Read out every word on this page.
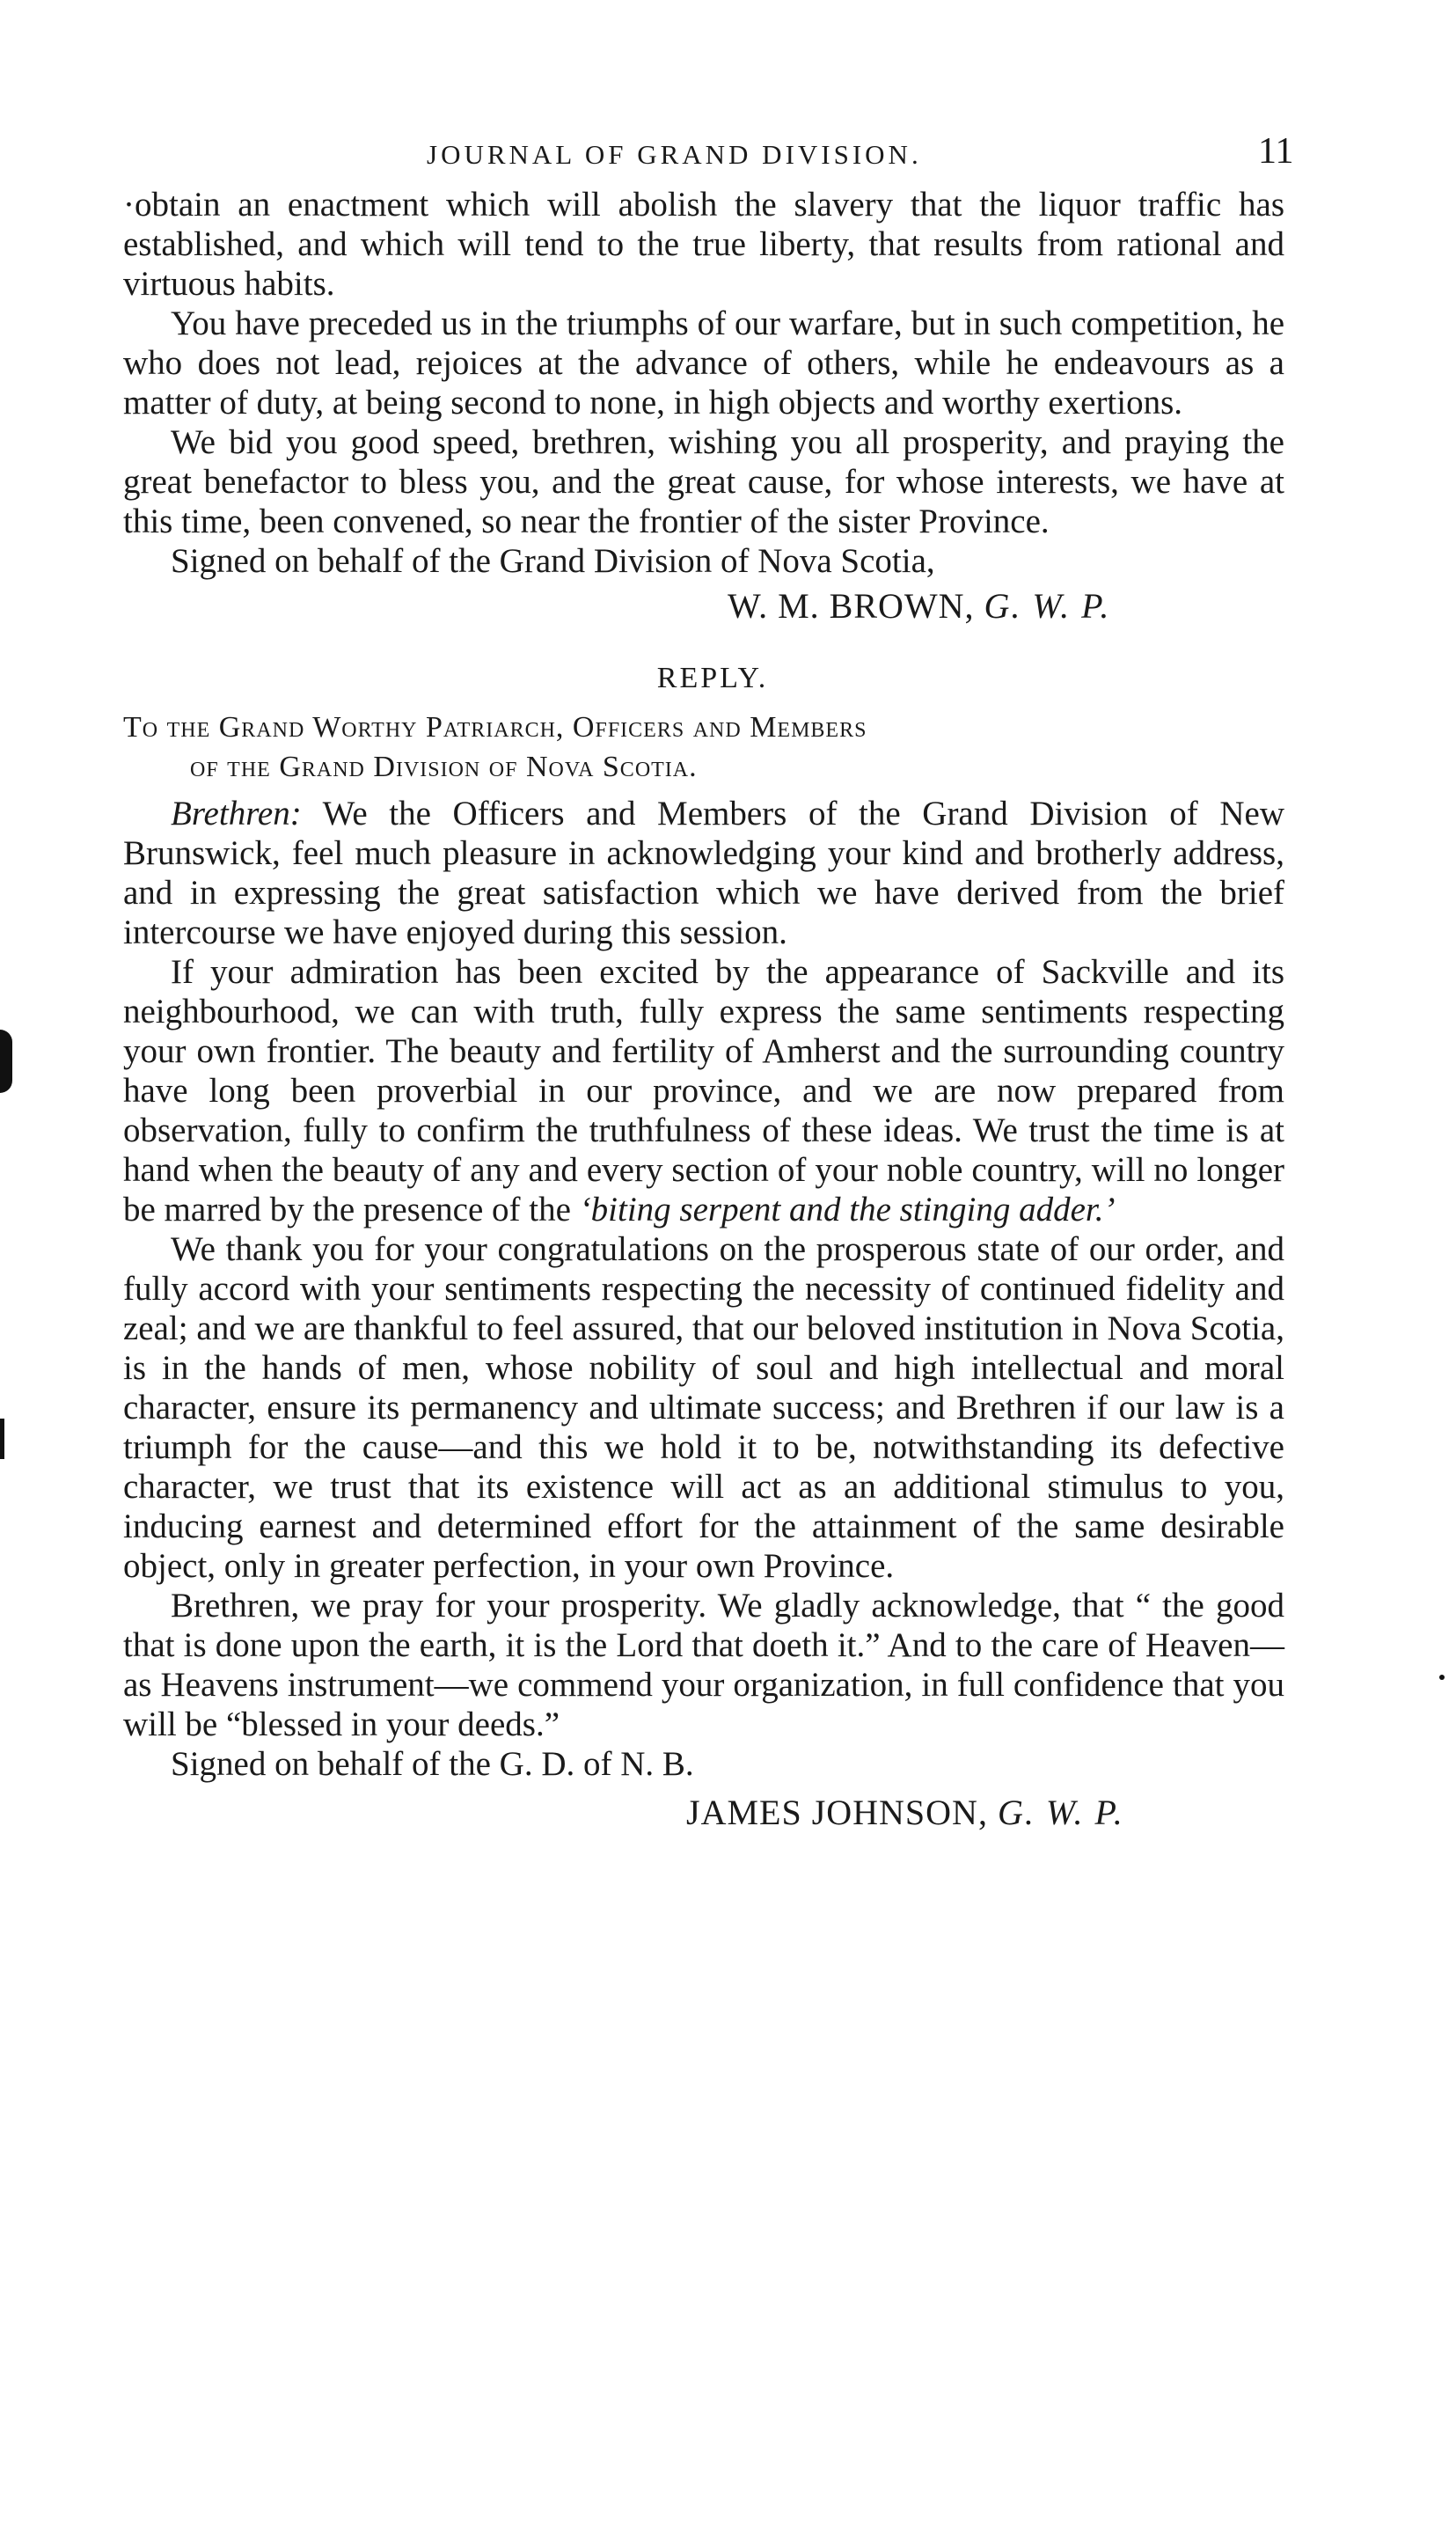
JOURNAL OF GRAND DIVISION.	11

·obtain an enactment which will abolish the slavery that the liquor traffic has established, and which will tend to the true liberty, that results from rational and virtuous habits.

You have preceded us in the triumphs of our warfare, but in such competition, he who does not lead, rejoices at the advance of others, while he endeavours as a matter of duty, at being second to none, in high objects and worthy exertions.

We bid you good speed, brethren, wishing you all prosperity, and praying the great benefactor to bless you, and the great cause, for whose interests, we have at this time, been convened, so near the frontier of the sister Province.

Signed on behalf of the Grand Division of Nova Scotia,

W. M. BROWN, G. W. P.

REPLY.

To the Grand Worthy Patriarch, Officers and Members
of the Grand Division of Nova Scotia.

Brethren: We the Officers and Members of the Grand Division of New Brunswick, feel much pleasure in acknowledging your kind and brotherly address, and in expressing the great satisfaction which we have derived from the brief intercourse we have enjoyed during this session.

If your admiration has been excited by the appearance of Sackville and its neighbourhood, we can with truth, fully express the same sentiments respecting your own frontier. The beauty and fertility of Amherst and the surrounding country have long been proverbial in our province, and we are now prepared from observation, fully to confirm the truthfulness of these ideas. We trust the time is at hand when the beauty of any and every section of your noble country, will no longer be marred by the presence of the ‘biting serpent and the stinging adder.’

We thank you for your congratulations on the prosperous state of our order, and fully accord with your sentiments respecting the necessity of continued fidelity and zeal; and we are thankful to feel assured, that our beloved institution in Nova Scotia, is in the hands of men, whose nobility of soul and high intellectual and moral character, ensure its permanency and ultimate success; and Brethren if our law is a triumph for the cause—and this we hold it to be, notwithstanding its defective character, we trust that its existence will act as an additional stimulus to you, inducing earnest and determined effort for the attainment of the same desirable object, only in greater perfection, in your own Province.

Brethren, we pray for your prosperity. We gladly acknowledge, that “ the good that is done upon the earth, it is the Lord that doeth it.” And to the care of Heaven—as Heavens instrument—we commend your organization, in full confidence that you will be “blessed in your deeds.”

Signed on behalf of the G. D. of N. B.

JAMES JOHNSON, G. W. P.
